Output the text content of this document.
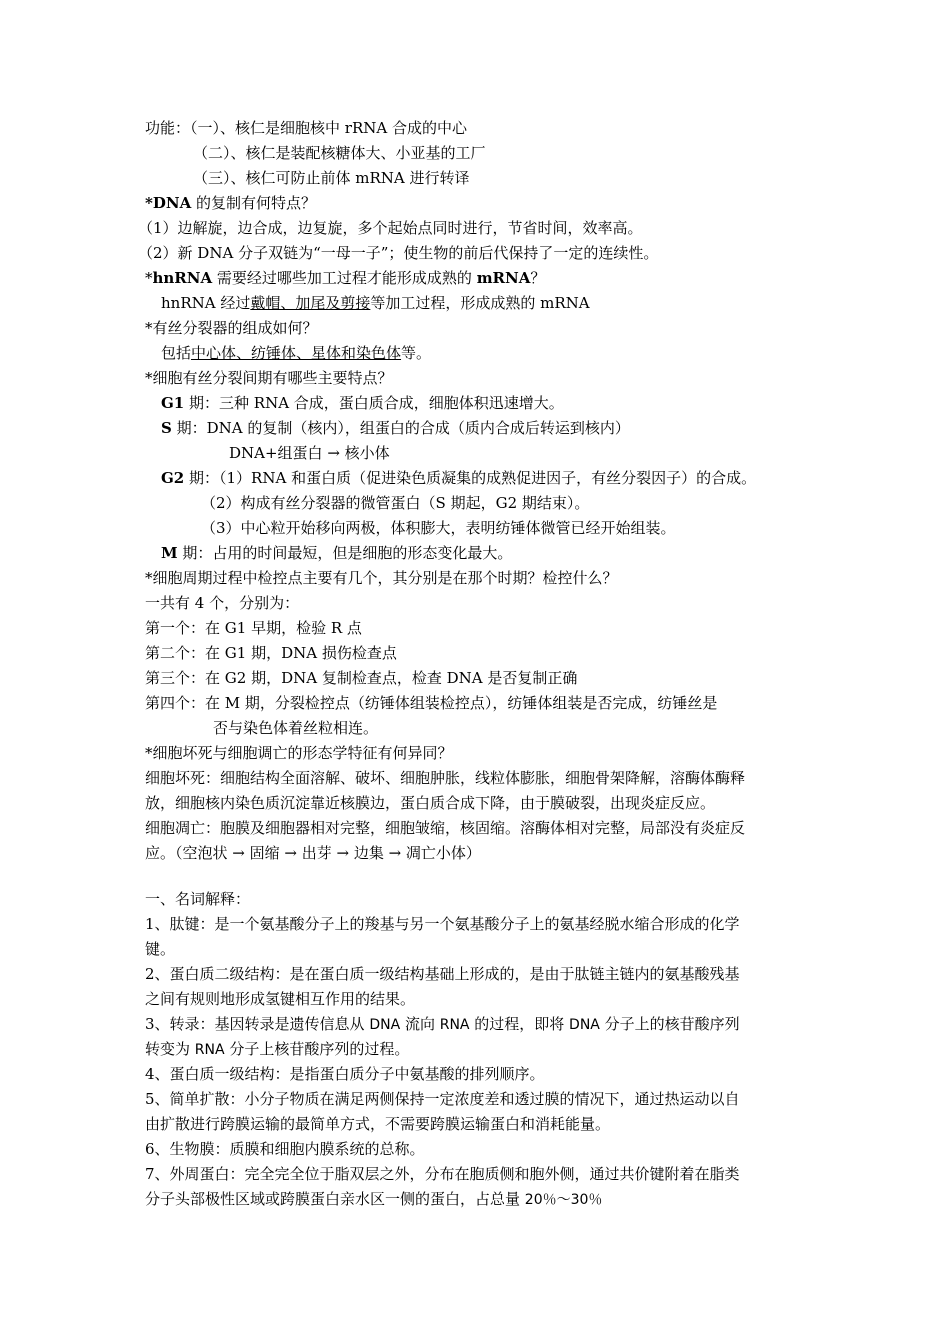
功能：（一）、核仁是细胞核中 rRNA 合成的中心
（二）、核仁是装配核糖体大、小亚基的工厂
（三）、核仁可防止前体 mRNA 进行转译
*DNA 的复制有何特点？
（1）边解旋，边合成，边复旋，多个起始点同时进行，节省时间，效率高。
（2）新 DNA 分子双链为“一母一子”；使生物的前后代保持了一定的连续性。
*hnRNA 需要经过哪些加工过程才能形成成熟的 mRNA？
hnRNA 经过戴帽、加尾及剪接等加工过程，形成成熟的 mRNA
*有丝分裂器的组成如何？
包括中心体、纺锤体、星体和染色体等。
*细胞有丝分裂间期有哪些主要特点？
G1 期：三种 RNA 合成，蛋白质合成，细胞体积迅速增大。
S 期：DNA 的复制（核内），组蛋白的合成（质内合成后转运到核内）
DNA+组蛋白 → 核小体
G2 期：（1）RNA 和蛋白质（促进染色质凝集的成熟促进因子，有丝分裂因子）的合成。
（2）构成有丝分裂器的微管蛋白（S 期起，G2 期结束）。
（3）中心粒开始移向两极，体积膨大，表明纺锤体微管已经开始组装。
M 期：占用的时间最短，但是细胞的形态变化最大。
*细胞周期过程中检控点主要有几个，其分别是在那个时期？检控什么？
一共有 4 个，分别为：
第一个：在 G1 早期，检验 R 点
第二个：在 G1 期，DNA 损伤检查点
第三个：在 G2 期，DNA 复制检查点，检查 DNA 是否复制正确
第四个：在 M 期，分裂检控点（纺锤体组装检控点），纺锤体组装是否完成，纺锤丝是
否与染色体着丝粒相连。
*细胞坏死与细胞调亡的形态学特征有何异同？
细胞坏死：细胞结构全面溶解、破坏、细胞肿胀，线粒体膨胀，细胞骨架降解，溶酶体酶释
放，细胞核内染色质沉淀靠近核膜边，蛋白质合成下降，由于膜破裂，出现炎症反应。
细胞凋亡：胞膜及细胞器相对完整，细胞皱缩，核固缩。溶酶体相对完整，局部没有炎症反
应。（空泡状 → 固缩 → 出芽 → 边集 → 凋亡小体）
一、名词解释：
1、肽键：是一个氨基酸分子上的羧基与另一个氨基酸分子上的氨基经脱水缩合形成的化学
键。
2、蛋白质二级结构：是在蛋白质一级结构基础上形成的，是由于肽链主链内的氨基酸残基
之间有规则地形成氢键相互作用的结果。
3、转录：基因转录是遗传信息从 DNA 流向 RNA 的过程，即将 DNA 分子上的核苷酸序列
转变为 RNA 分子上核苷酸序列的过程。
4、蛋白质一级结构：是指蛋白质分子中氨基酸的排列顺序。
5、简单扩散：小分子物质在满足两侧保持一定浓度差和透过膜的情况下，通过热运动以自
由扩散进行跨膜运输的最简单方式，不需要跨膜运输蛋白和消耗能量。
6、生物膜：质膜和细胞内膜系统的总称。
7、外周蛋白：完全完全位于脂双层之外，分布在胞质侧和胞外侧，通过共价键附着在脂类
分子头部极性区域或跨膜蛋白亲水区一侧的蛋白，占总量 20％～30％
